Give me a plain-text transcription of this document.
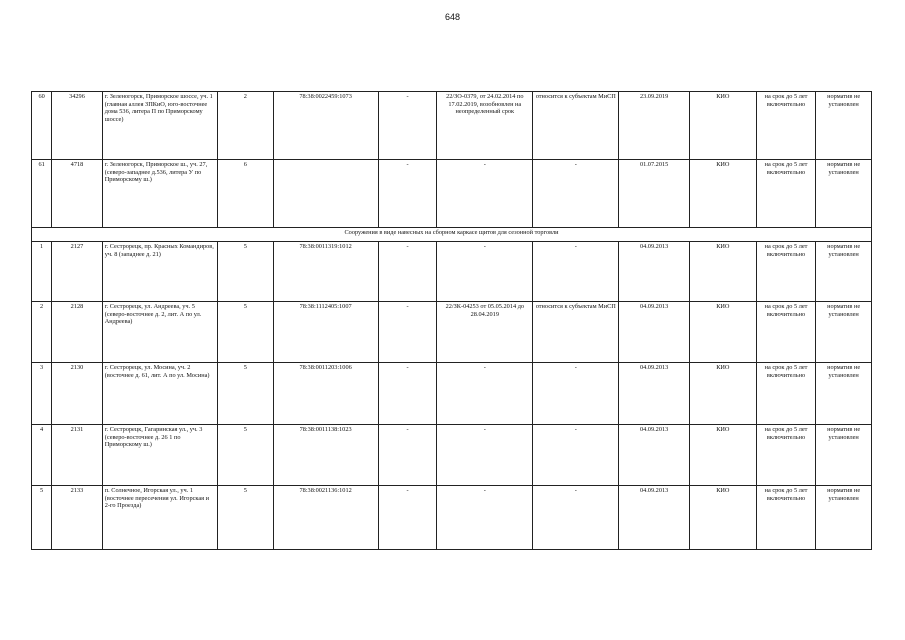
648
60	34296	г. Зеленогорск, Приморское шоссе, уч. 1 (главная аллея ЗПКиО, юго-восточнее дома 536, литера П по Приморскому шоссе)	2	78:38:0022459:1073	-	22/ЗО-0379, от 24.02.2014 по 17.02.2019, возобновлен на неопределенный срок	относится к субъектам МиСП	23.09.2019	КИО	на срок до 5 лет включительно	норматив не установлен
61	4718	г. Зеленогорск, Приморское ш., уч. 27, (северо-западнее д.536, литера У по Приморскому ш.)	6		-	-	-	01.07.2015	КИО	на срок до 5 лет включительно	норматив не установлен
Сооружения в виде навесных на сборном каркасе щитов для сезонной торговли											
1	2127	г. Сестрорецк, пр. Красных Командиров, уч. 8 (западнее д. 21)	5	78:38:0011319:1012	-	-	-	04.09.2013	КИО	на срок до 5 лет включительно	норматив не установлен
2	2128	г. Сестрорецк, ул. Андреева, уч. 5 (северо-восточнее д. 2, лит. А по ул. Андреева)	5	78:38:1112405:1007	-	22/ЗК-04253 от 05.05.2014 до 28.04.2019	относится к субъектам МиСП	04.09.2013	КИО	на срок до 5 лет включительно	норматив не установлен
3	2130	г. Сестрорецк, ул. Мосина, уч. 2 (восточнее д. 61, лит. А по ул. Мосина)	5	78:38:0011203:1006	-	-	-	04.09.2013	КИО	на срок до 5 лет включительно	норматив не установлен
4	2131	г. Сестрорецк, Гагаринская ул., уч. 3 (северо-восточнее д. 26 1 по Приморскому ш.)	5	78:38:0011138:1023	-	-	-	04.09.2013	КИО	на срок до 5 лет включительно	норматив не установлен
5	2133	п. Солнечное, Игорская ул., уч. 1 (восточнее пересечения ул. Игорская и 2-го Проезда)	5	78:38:0021136:1012	-	-	-	04.09.2013	КИО	на срок до 5 лет включительно	норматив не установлен
